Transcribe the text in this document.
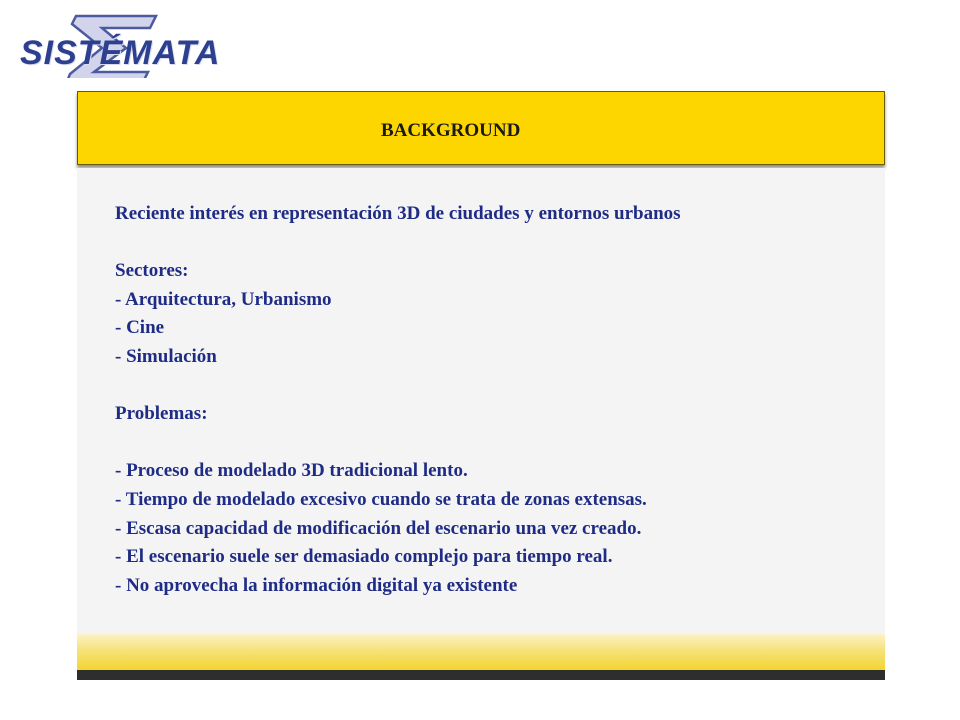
SISTÉMATA
BACKGROUND
Reciente interés en representación 3D de ciudades y entornos urbanos
Sectores:
- Arquitectura, Urbanismo
- Cine
- Simulación
Problemas:
- Proceso de modelado 3D tradicional lento.
- Tiempo de modelado excesivo cuando se trata de zonas extensas.
- Escasa capacidad de modificación del escenario una vez creado.
- El escenario suele ser demasiado complejo para tiempo real.
- No aprovecha la información digital ya existente
